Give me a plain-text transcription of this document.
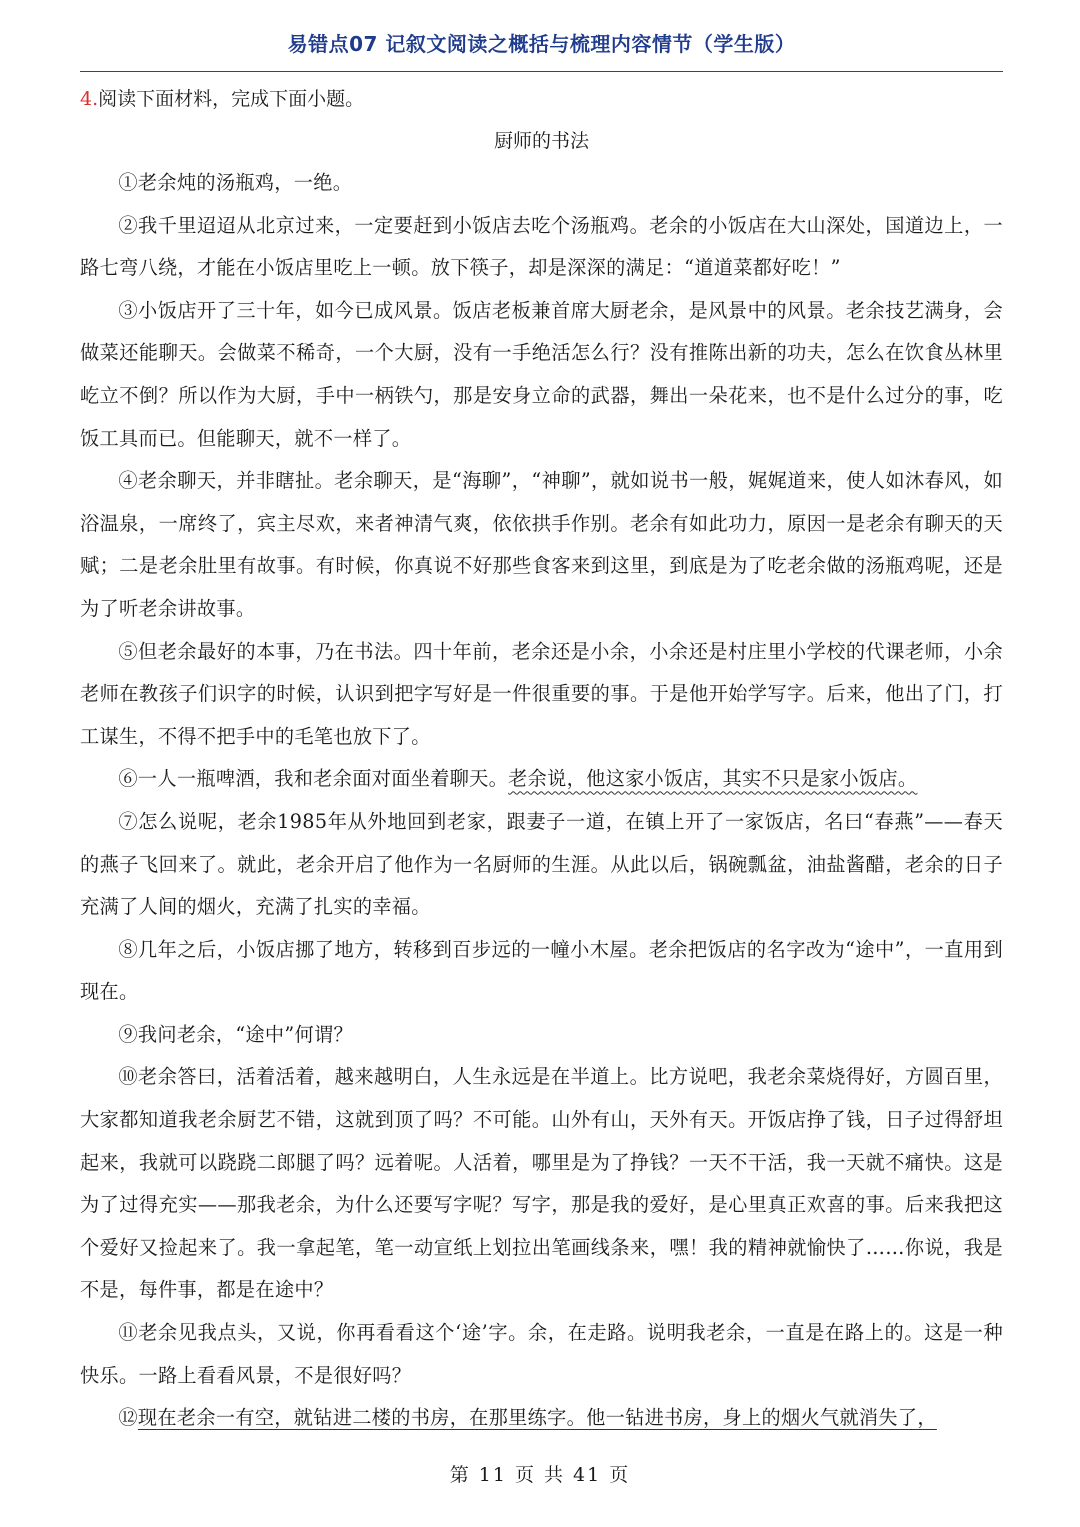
易错点07 记叙文阅读之概括与梳理内容情节（学生版）
4.阅读下面材料，完成下面小题。
厨师的书法

①老余炖的汤瓶鸡，一绝。

②我千里迢迢从北京过来，一定要赶到小饭店去吃个汤瓶鸡。老余的小饭店在大山深处，国道边上，一路七弯八绕，才能在小饭店里吃上一顿。放下筷子，却是深深的满足：“道道菜都好吃！”

③小饭店开了三十年，如今已成风景。饭店老板兼首席大厨老余，是风景中的风景。老余技艺满身，会做菜还能聊天。会做菜不稀奇，一个大厨，没有一手绝活怎么行？没有推陈出新的功夫，怎么在饮食丛林里屹立不倒？所以作为大厨，手中一柄铁勺，那是安身立命的武器，舞出一朵花来，也不是什么过分的事，吃饭工具而已。但能聊天，就不一样了。

④老余聊天，并非瞎扯。老余聊天，是“海聊”，“神聊”，就如说书一般，娓娓道来，使人如沐春风，如浴温泉，一席终了，宾主尽欢，来者神清气爽，依依拱手作别。老余有如此功力，原因一是老余有聊天的天赋；二是老余肚里有故事。有时候，你真说不好那些食客来到这里，到底是为了吃老余做的汤瓶鸡呢，还是为了听老余讲故事。

⑤但老余最好的本事，乃在书法。四十年前，老余还是小余，小余还是村庄里小学校的代课老师，小余老师在教孩子们识字的时候，认识到把字写好是一件很重要的事。于是他开始学写字。后来，他出了门，打工谋生，不得不把手中的毛笔也放下了。

⑥一人一瓶啤酒，我和老余面对面坐着聊天。老余说，他这家小饭店，其实不只是家小饭店。

⑦怎么说呢，老余1985年从外地回到老家，跟妻子一道，在镇上开了一家饭店，名曰“春燕”——春天的燕子飞回来了。就此，老余开启了他作为一名厨师的生涯。从此以后，锅碗瓢盆，油盐酱醋，老余的日子充满了人间的烟火，充满了扎实的幸福。

⑧几年之后，小饭店挪了地方，转移到百步远的一幢小木屋。老余把饭店的名字改为“途中”，一直用到现在。

⑨我问老余，“途中”何谓？

⑩老余答曰，活着活着，越来越明白，人生永远是在半道上。比方说吧，我老余菜烧得好，方圆百里，大家都知道我老余厨艺不错，这就到顶了吗？不可能。山外有山，天外有天。开饭店挣了钱，日子过得舒坦起来，我就可以跷跷二郎腿了吗？远着呢。人活着，哪里是为了挣钱？一天不干活，我一天就不痛快。这是为了过得充实——那我老余，为什么还要写字呢？写字，那是我的爱好，是心里真正欢喜的事。后来我把这个爱好又捡起来了。我一拿起笔，笔一动宣纸上划拉出笔画线条来，嘿！我的精神就愉快了……你说，我是不是，每件事，都是在途中？

⑪老余见我点头，又说，你再看看这个‘途’字。余，在走路。说明我老余，一直是在路上的。这是一种快乐。一路上看看风景，不是很好吗？

⑫现在老余一有空，就钻进二楼的书房，在那里练字。他一钻进书房，身上的烟火气就消失了，

第 11 页 共 41 页
